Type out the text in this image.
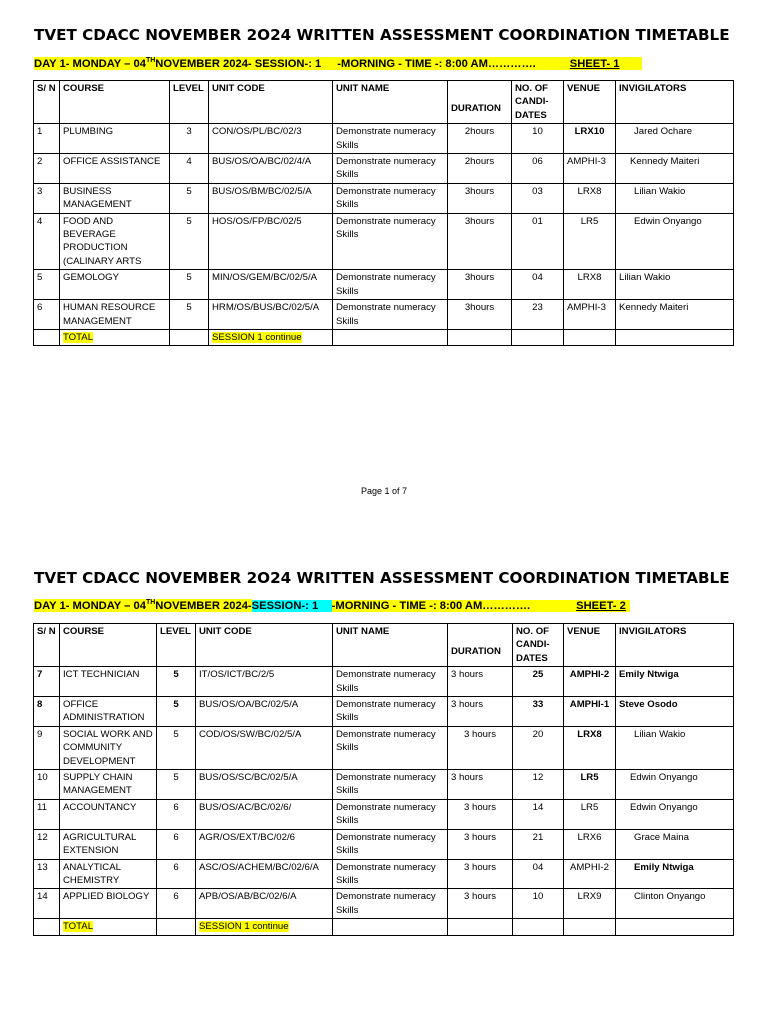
TVET CDACC NOVEMBER 2O24 WRITTEN ASSESSMENT COORDINATION TIMETABLE
DAY 1- MONDAY – 04THNOVEMBER 2024- SESSION-: 1 -MORNING - TIME -: 8:00 AM………….	SHEET- 1
S/ N	COURSE	LEVEL	UNIT CODE	UNIT NAME	DURATION	NO. OF CANDI- DATES	VENUE	INVIGILATORS
1	PLUMBING	3	CON/OS/PL/BC/02/3	Demonstrate numeracy Skills	2hours	10	LRX10	Jared Ochare
2	OFFICE ASSISTANCE	4	BUS/OS/OA/BC/02/4/A	Demonstrate numeracy Skills	2hours	06	AMPHI-3	Kennedy Maiteri
3	BUSINESS MANAGEMENT	5	BUS/OS/BM/BC/02/5/A	Demonstrate numeracy Skills	3hours	03	LRX8	Lilian Wakio
4	FOOD AND BEVERAGE PRODUCTION (CALINARY ARTS	5	HOS/OS/FP/BC/02/5	Demonstrate numeracy Skills	3hours	01	LR5	Edwin Onyango
5	GEMOLOGY	5	MIN/OS/GEM/BC/02/5/A	Demonstrate numeracy Skills	3hours	04	LRX8	Lilian Wakio
6	HUMAN RESOURCE MANAGEMENT	5	HRM/OS/BUS/BC/02/5/A	Demonstrate numeracy Skills	3hours	23	AMPHI-3	Kennedy Maiteri
	TOTAL		SESSION 1 continue					
Page 1 of 7
TVET CDACC NOVEMBER 2O24 WRITTEN ASSESSMENT COORDINATION TIMETABLE
DAY 1- MONDAY – 04THNOVEMBER 2024-SESSION-: 1 -MORNING - TIME -: 8:00 AM………….	SHEET- 2
S/ N	COURSE	LEVEL	UNIT CODE	UNIT NAME	DURATION	NO. OF CANDI- DATES	VENUE	INVIGILATORS
7	ICT TECHNICIAN	5	IT/OS/ICT/BC/2/5	Demonstrate numeracy Skills	3 hours	25	AMPHI-2	Emily Ntwiga
8	OFFICE ADMINISTRATION	5	BUS/OS/OA/BC/02/5/A	Demonstrate numeracy Skills	3 hours	33	AMPHI-1	Steve Osodo
9	SOCIAL WORK AND COMMUNITY DEVELOPMENT	5	COD/OS/SW/BC/02/5/A	Demonstrate numeracy Skills	3 hours	20	LRX8	Lilian Wakio
10	SUPPLY CHAIN MANAGEMENT	5	BUS/OS/SC/BC/02/5/A	Demonstrate numeracy Skills	3 hours	12	LR5	Edwin Onyango
11	ACCOUNTANCY	6	BUS/OS/AC/BC/02/6/	Demonstrate numeracy Skills	3 hours	14	LR5	Edwin Onyango
12	AGRICULTURAL EXTENSION	6	AGR/OS/EXT/BC/02/6	Demonstrate numeracy Skills	3 hours	21	LRX6	Grace Maina
13	ANALYTICAL CHEMISTRY	6	ASC/OS/ACHEM/BC/02/6/A	Demonstrate numeracy Skills	3 hours	04	AMPHI-2	Emily Ntwiga
14	APPLIED BIOLOGY	6	APB/OS/AB/BC/02/6/A	Demonstrate numeracy Skills	3 hours	10	LRX9	Clinton Onyango
	TOTAL		SESSION 1 continue					
